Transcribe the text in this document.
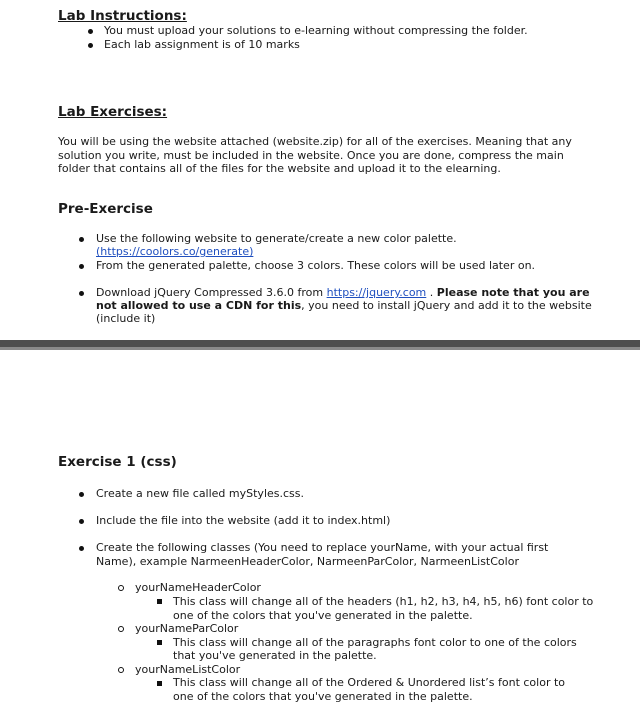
Lab Instructions:
You must upload your solutions to e-learning without compressing the folder.
Each lab assignment is of 10 marks
Lab Exercises:
You will be using the website attached (website.zip) for all of the exercises. Meaning that any
solution you write, must be included in the website. Once you are done, compress the main
folder that contains all of the files for the website and upload it to the elearning.
Pre-Exercise
Use the following website to generate/create a new color palette.
(https://coolors.co/generate)
From the generated palette, choose 3 colors. These colors will be used later on.
Download jQuery Compressed 3.6.0 from https://jquery.com . Please note that you are
not allowed to use a CDN for this, you need to install jQuery and add it to the website
(include it)
Exercise 1 (css)
Create a new file called myStyles.css.
Include the file into the website (add it to index.html)
Create the following classes (You need to replace yourName, with your actual first
Name), example NarmeenHeaderColor, NarmeenParColor, NarmeenListColor
yourNameHeaderColor
This class will change all of the headers (h1, h2, h3, h4, h5, h6) font color to
one of the colors that you've generated in the palette.
yourNameParColor
This class will change all of the paragraphs font color to one of the colors
that you've generated in the palette.
yourNameListColor
This class will change all of the Ordered & Unordered list’s font color to
one of the colors that you've generated in the palette.
